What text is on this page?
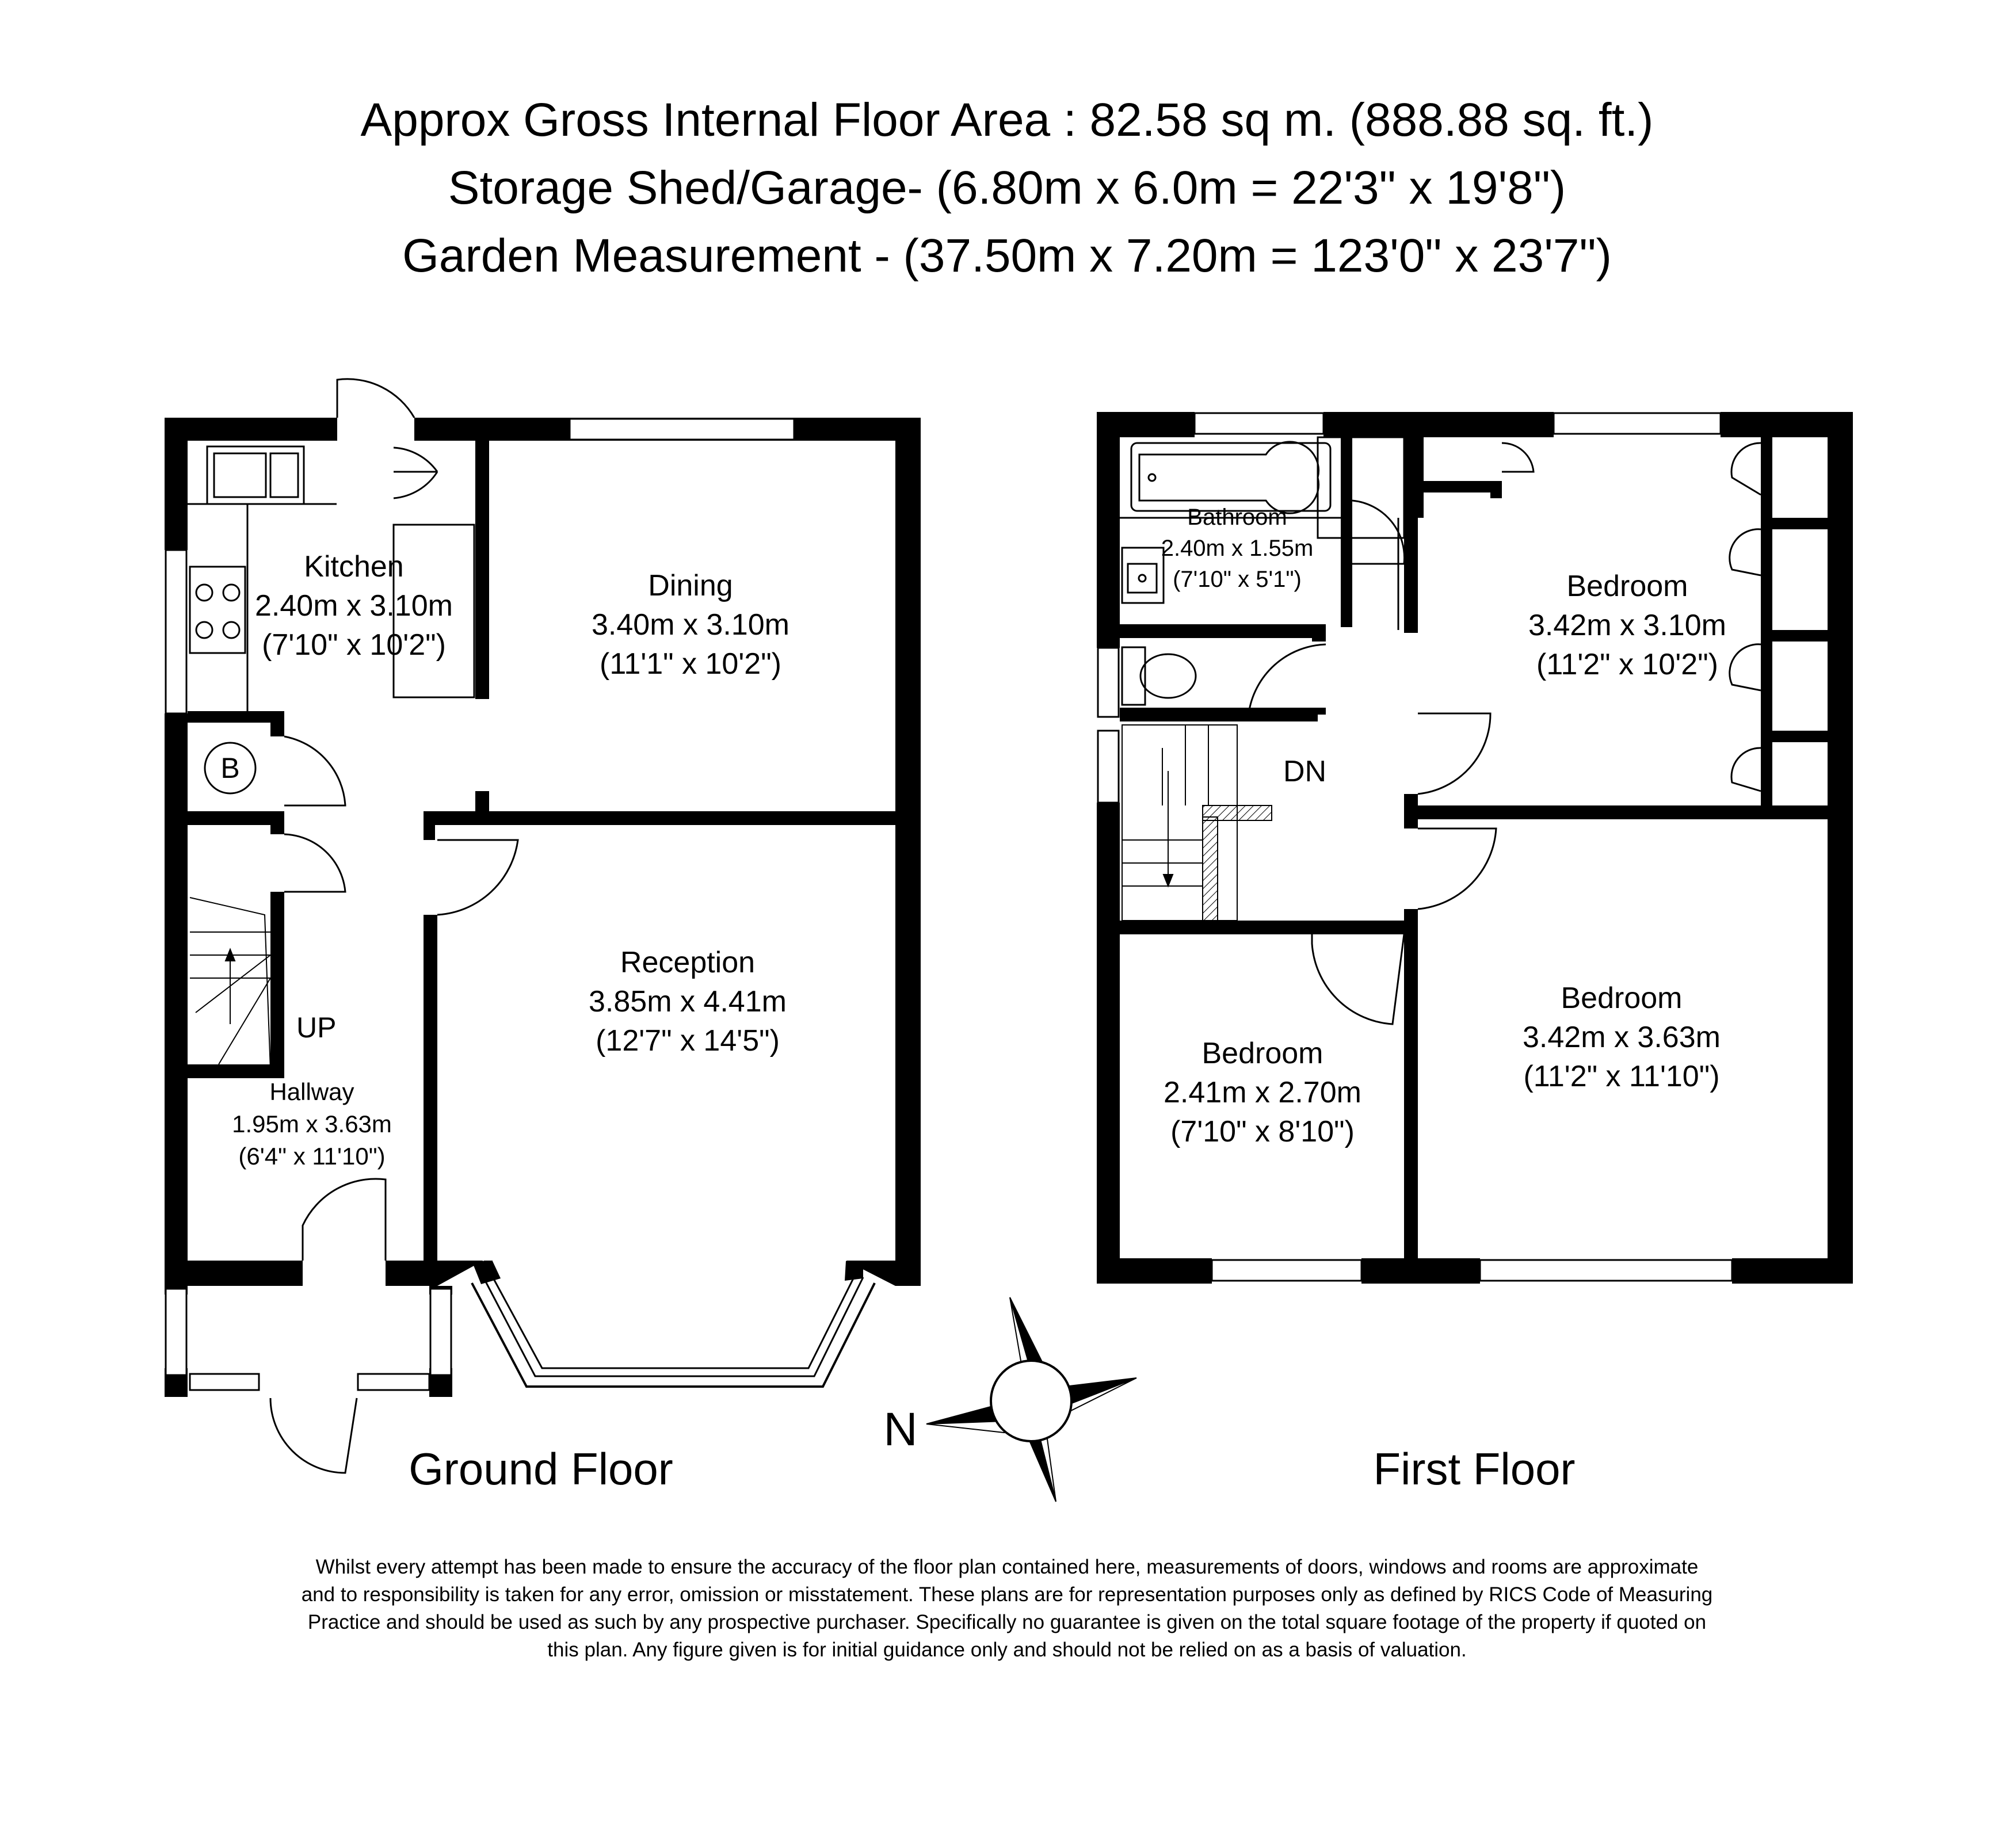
Approx Gross Internal Floor Area : 82.58 sq m. (888.88 sq. ft.)
Storage Shed/Garage- (6.80m x 6.0m = 22'3" x 19'8")
Garden Measurement - (37.50m x 7.20m = 123'0" x 23'7")
B
UP
Kitchen
2.40m x 3.10m
(7'10" x 10'2")
Dining
3.40m x 3.10m
(11'1" x 10'2")
Reception
3.85m x 4.41m
(12'7" x 14'5")
Hallway
1.95m x 3.63m
(6'4" x 11'10")
Ground Floor
DN
Bathroom
2.40m x 1.55m
(7'10" x 5'1")	Bedroom
3.42m x 3.10m
(11'2" x 10'2")
Bedroom
2.41m x 2.70m
(7'10" x 8'10")
Bedroom
3.42m x 3.63m
(11'2" x 11'10")
First Floor
N
Whilst every attempt has been made to ensure the accuracy of the floor plan contained here, measurements of doors, windows and rooms are approximate and to responsibility is taken for any error, omission or misstatement. These plans are for representation purposes only as defined by RICS Code of Measuring Practice and should be used as such by any prospective purchaser. Specifically no guarantee is given on the total square footage of the property if quoted on this plan. Any figure given is for initial guidance only and should not be relied on as a basis of valuation.
